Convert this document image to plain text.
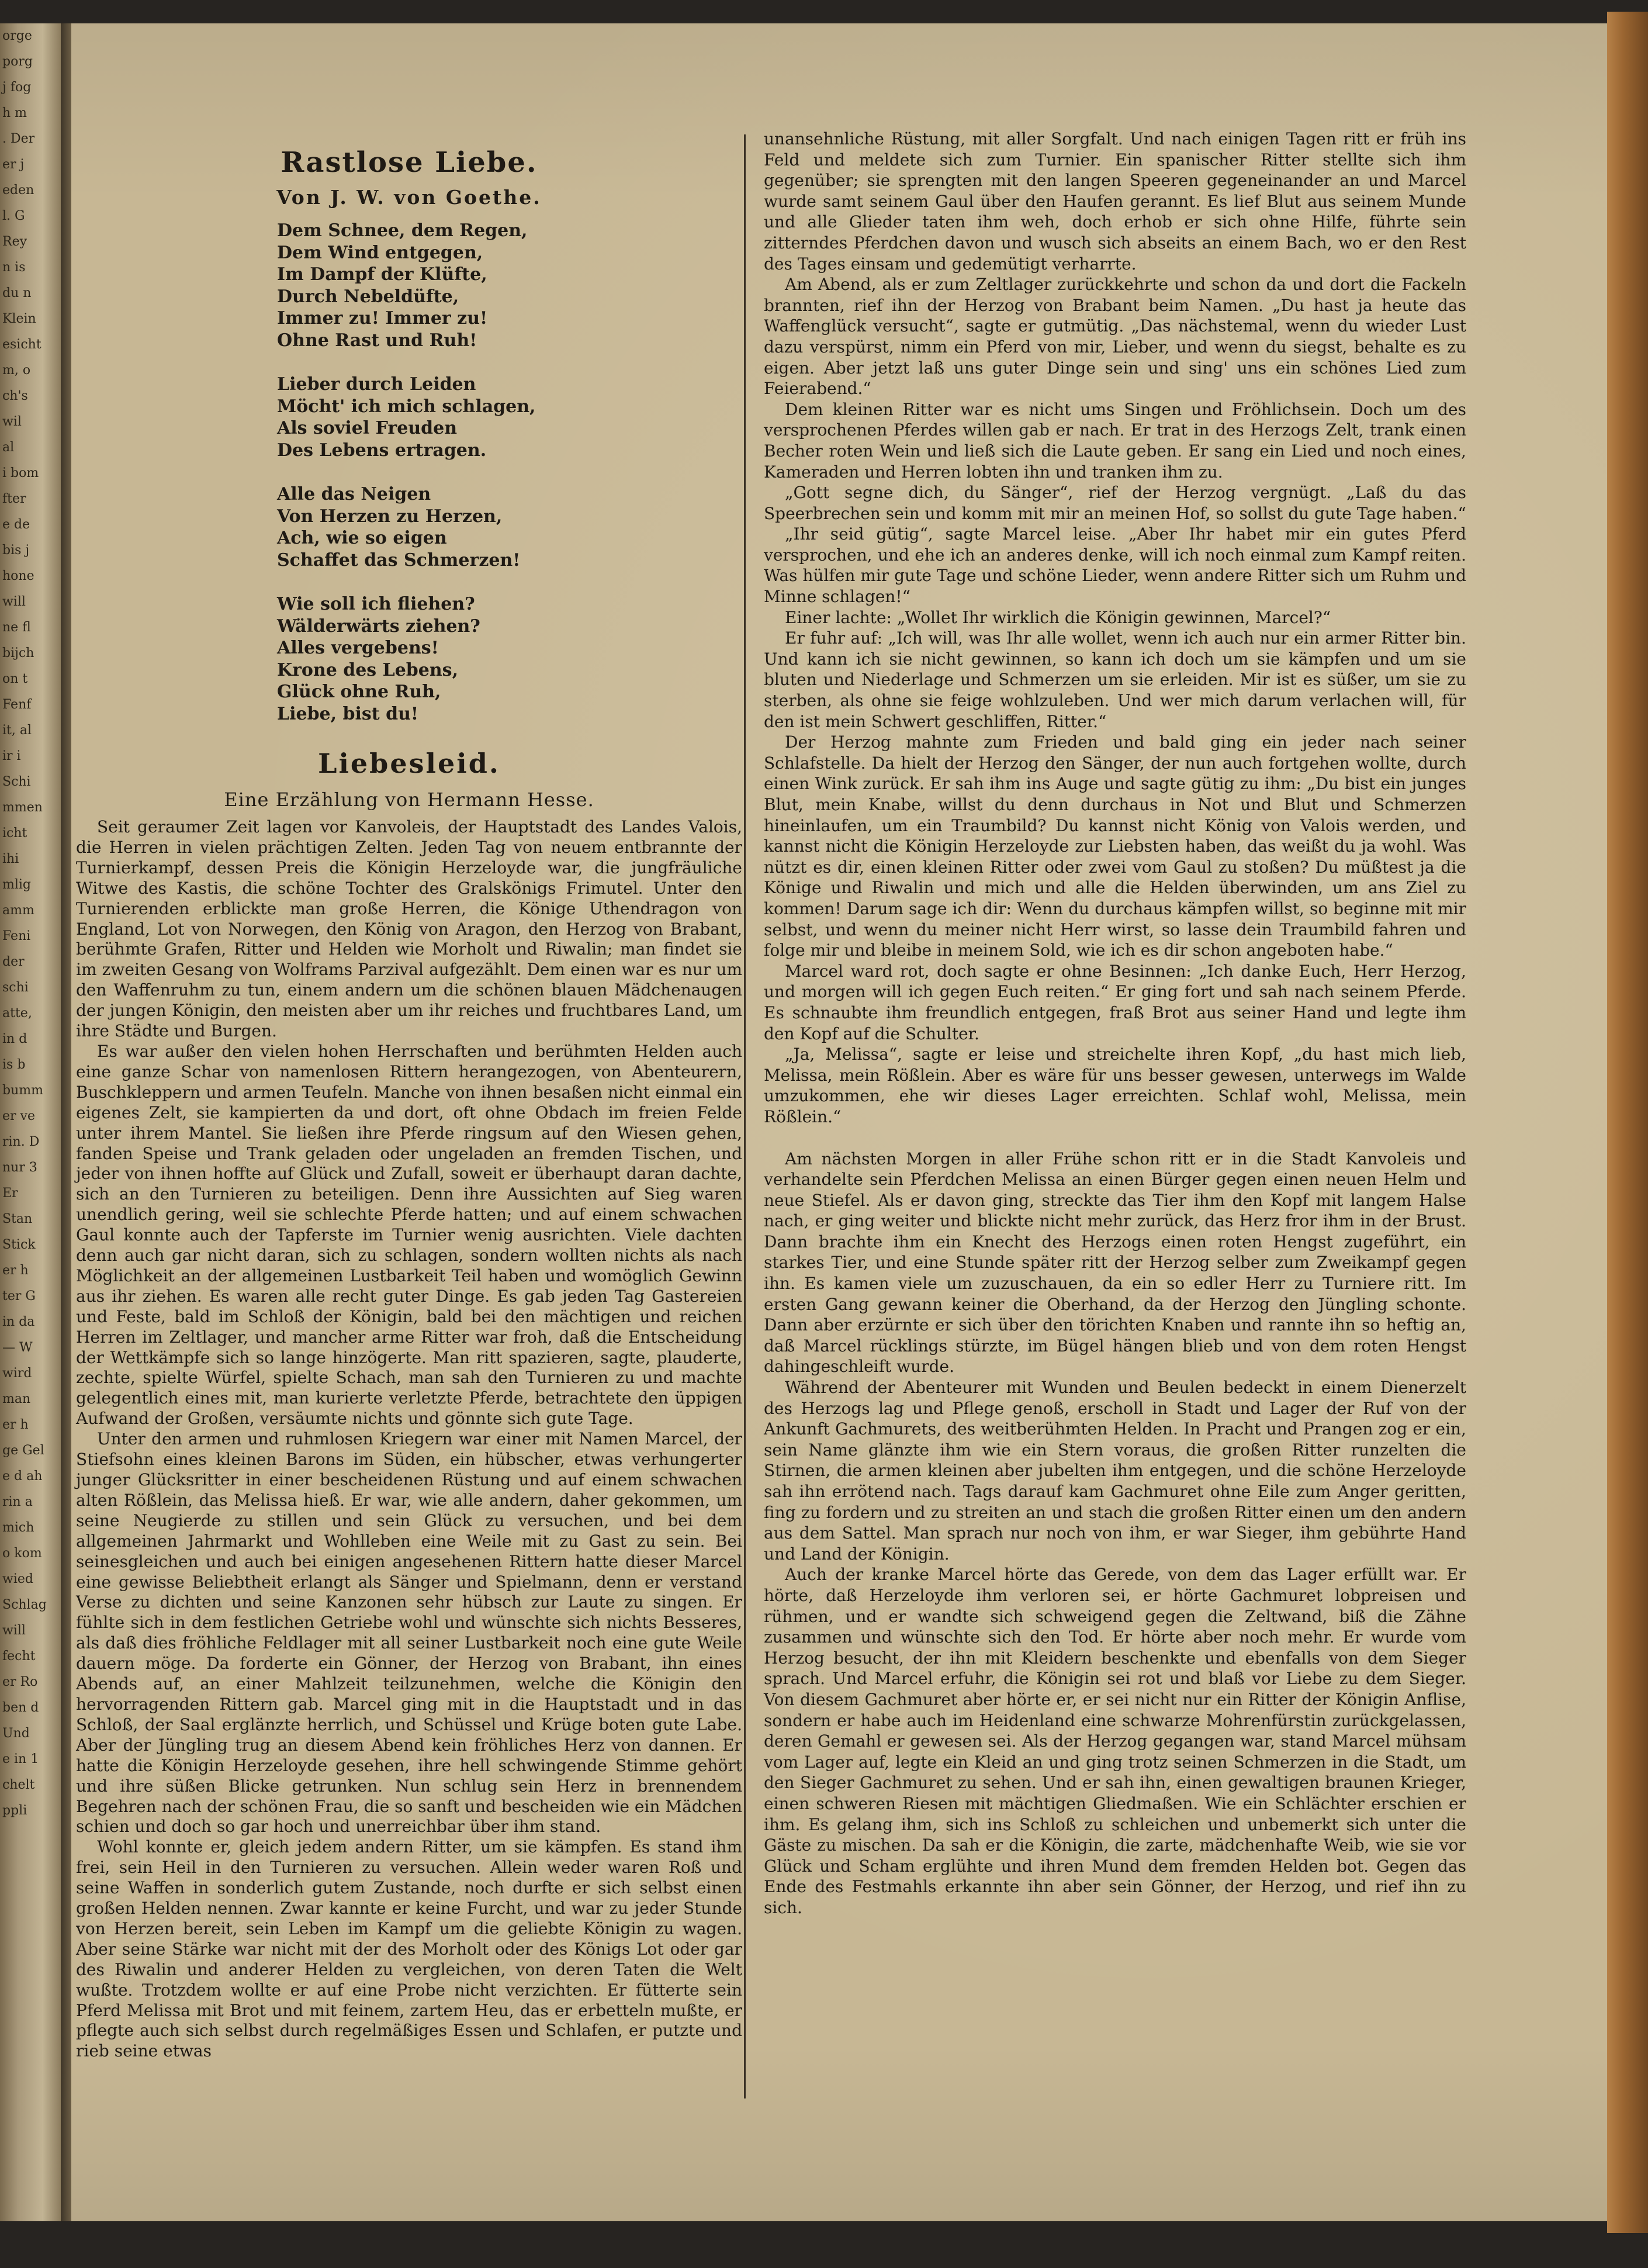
orge
porg
j fog
h m
. Der
er j
eden
l. G
Rey
n is
du n
Klein
esicht
m, o
ch's
wil
al
i bom
fter
e de
bis j
hone
will
ne fl
bijch
on t
Fenf
it, al
ir i
Schi
mmen
icht
ihi
mlig
amm
Feni
der
schi
atte,
in d
is b
bumm
er ve
rin. D
nur 3
Er
Stan
Stick
er h
ter G
in da
— W
wird
man
er h
ge Gel
e d ah
rin a
mich
o kom
wied
Schlag
will
fecht
er Ro
ben d
Und
e in 1
chelt
ppli
Rastlose Liebe.
Von J. W. von Goethe.
Dem Schnee, dem Regen,
Dem Wind entgegen,
Im Dampf der Klüfte,
Durch Nebeldüfte,
Immer zu! Immer zu!
Ohne Rast und Ruh!
Lieber durch Leiden
Möcht' ich mich schlagen,
Als soviel Freuden
Des Lebens ertragen.
Alle das Neigen
Von Herzen zu Herzen,
Ach, wie so eigen
Schaffet das Schmerzen!
Wie soll ich fliehen?
Wälderwärts ziehen?
Alles vergebens!
Krone des Lebens,
Glück ohne Ruh,
Liebe, bist du!
Liebesleid.
Eine Erzählung von Hermann Hesse.

Seit geraumer Zeit lagen vor Kanvoleis, der Hauptstadt des Landes Valois, die Herren in vielen prächtigen Zelten. Jeden Tag von neuem entbrannte der Turnierkampf, dessen Preis die Königin Herzeloyde war, die jungfräuliche Witwe des Kastis, die schöne Tochter des Gralskönigs Frimutel. Unter den Turnierenden erblickte man große Herren, die Könige Uthendragon von England, Lot von Norwegen, den König von Aragon, den Herzog von Brabant, berühmte Grafen, Ritter und Helden wie Morholt und Riwalin; man findet sie im zweiten Gesang von Wolframs Parzival aufgezählt. Dem einen war es nur um den Waffenruhm zu tun, einem andern um die schönen blauen Mädchenaugen der jungen Königin, den meisten aber um ihr reiches und fruchtbares Land, um ihre Städte und Burgen.

Es war außer den vielen hohen Herrschaften und berühmten Helden auch eine ganze Schar von namenlosen Rittern herangezogen, von Abenteurern, Buschkleppern und armen Teufeln. Manche von ihnen besaßen nicht einmal ein eigenes Zelt, sie kampierten da und dort, oft ohne Obdach im freien Felde unter ihrem Mantel. Sie ließen ihre Pferde ringsum auf den Wiesen gehen, fanden Speise und Trank geladen oder ungeladen an fremden Tischen, und jeder von ihnen hoffte auf Glück und Zufall, soweit er überhaupt daran dachte, sich an den Turnieren zu beteiligen. Denn ihre Aussichten auf Sieg waren unendlich gering, weil sie schlechte Pferde hatten; und auf einem schwachen Gaul konnte auch der Tapferste im Turnier wenig ausrichten. Viele dachten denn auch gar nicht daran, sich zu schlagen, sondern wollten nichts als nach Möglichkeit an der allgemeinen Lustbarkeit Teil haben und womöglich Gewinn aus ihr ziehen. Es waren alle recht guter Dinge. Es gab jeden Tag Gastereien und Feste, bald im Schloß der Königin, bald bei den mächtigen und reichen Herren im Zeltlager, und mancher arme Ritter war froh, daß die Entscheidung der Wettkämpfe sich so lange hinzögerte. Man ritt spazieren, sagte, plauderte, zechte, spielte Würfel, spielte Schach, man sah den Turnieren zu und machte gelegentlich eines mit, man kurierte verletzte Pferde, betrachtete den üppigen Aufwand der Großen, versäumte nichts und gönnte sich gute Tage.

Unter den armen und ruhmlosen Kriegern war einer mit Namen Marcel, der Stiefsohn eines kleinen Barons im Süden, ein hübscher, etwas verhungerter junger Glücksritter in einer bescheidenen Rüstung und auf einem schwachen alten Rößlein, das Melissa hieß. Er war, wie alle andern, daher gekommen, um seine Neugierde zu stillen und sein Glück zu versuchen, und bei dem allgemeinen Jahrmarkt und Wohlleben eine Weile mit zu Gast zu sein. Bei seinesgleichen und auch bei einigen angesehenen Rittern hatte dieser Marcel eine gewisse Beliebtheit erlangt als Sänger und Spielmann, denn er verstand Verse zu dichten und seine Kanzonen sehr hübsch zur Laute zu singen. Er fühlte sich in dem festlichen Getriebe wohl und wünschte sich nichts Besseres, als daß dies fröhliche Feldlager mit all seiner Lustbarkeit noch eine gute Weile dauern möge. Da forderte ein Gönner, der Herzog von Brabant, ihn eines Abends auf, an einer Mahlzeit teilzunehmen, welche die Königin den hervorragenden Rittern gab. Marcel ging mit in die Hauptstadt und in das Schloß, der Saal erglänzte herrlich, und Schüssel und Krüge boten gute Labe. Aber der Jüngling trug an diesem Abend kein fröhliches Herz von dannen. Er hatte die Königin Herzeloyde gesehen, ihre hell schwingende Stimme gehört und ihre süßen Blicke getrunken. Nun schlug sein Herz in brennendem Begehren nach der schönen Frau, die so sanft und bescheiden wie ein Mädchen schien und doch so gar hoch und unerreichbar über ihm stand.

Wohl konnte er, gleich jedem andern Ritter, um sie kämpfen. Es stand ihm frei, sein Heil in den Turnieren zu versuchen. Allein weder waren Roß und seine Waffen in sonderlich gutem Zustande, noch durfte er sich selbst einen großen Helden nennen. Zwar kannte er keine Furcht, und war zu jeder Stunde von Herzen bereit, sein Leben im Kampf um die geliebte Königin zu wagen. Aber seine Stärke war nicht mit der des Morholt oder des Königs Lot oder gar des Riwalin und anderer Helden zu vergleichen, von deren Taten die Welt wußte. Trotzdem wollte er auf eine Probe nicht verzichten. Er fütterte sein Pferd Melissa mit Brot und mit feinem, zartem Heu, das er erbetteln mußte, er pflegte auch sich selbst durch regelmäßiges Essen und Schlafen, er putzte und rieb seine etwas

unansehnliche Rüstung, mit aller Sorgfalt. Und nach einigen Tagen ritt er früh ins Feld und meldete sich zum Turnier. Ein spanischer Ritter stellte sich ihm gegenüber; sie sprengten mit den langen Speeren gegeneinander an und Marcel wurde samt seinem Gaul über den Haufen gerannt. Es lief Blut aus seinem Munde und alle Glieder taten ihm weh, doch erhob er sich ohne Hilfe, führte sein zitterndes Pferdchen davon und wusch sich abseits an einem Bach, wo er den Rest des Tages einsam und gedemütigt verharrte.

Am Abend, als er zum Zeltlager zurückkehrte und schon da und dort die Fackeln brannten, rief ihn der Herzog von Brabant beim Namen. „Du hast ja heute das Waffenglück versucht“, sagte er gutmütig. „Das nächstemal, wenn du wieder Lust dazu verspürst, nimm ein Pferd von mir, Lieber, und wenn du siegst, behalte es zu eigen. Aber jetzt laß uns guter Dinge sein und sing' uns ein schönes Lied zum Feierabend.“

Dem kleinen Ritter war es nicht ums Singen und Fröhlichsein. Doch um des versprochenen Pferdes willen gab er nach. Er trat in des Herzogs Zelt, trank einen Becher roten Wein und ließ sich die Laute geben. Er sang ein Lied und noch eines, Kameraden und Herren lobten ihn und tranken ihm zu.

„Gott segne dich, du Sänger“, rief der Herzog vergnügt. „Laß du das Speerbrechen sein und komm mit mir an meinen Hof, so sollst du gute Tage haben.“

„Ihr seid gütig“, sagte Marcel leise. „Aber Ihr habet mir ein gutes Pferd versprochen, und ehe ich an anderes denke, will ich noch einmal zum Kampf reiten. Was hülfen mir gute Tage und schöne Lieder, wenn andere Ritter sich um Ruhm und Minne schlagen!“

Einer lachte: „Wollet Ihr wirklich die Königin gewinnen, Marcel?“

Er fuhr auf: „Ich will, was Ihr alle wollet, wenn ich auch nur ein armer Ritter bin. Und kann ich sie nicht gewinnen, so kann ich doch um sie kämpfen und um sie bluten und Niederlage und Schmerzen um sie erleiden. Mir ist es süßer, um sie zu sterben, als ohne sie feige wohlzuleben. Und wer mich darum verlachen will, für den ist mein Schwert geschliffen, Ritter.“

Der Herzog mahnte zum Frieden und bald ging ein jeder nach seiner Schlafstelle. Da hielt der Herzog den Sänger, der nun auch fortgehen wollte, durch einen Wink zurück. Er sah ihm ins Auge und sagte gütig zu ihm: „Du bist ein junges Blut, mein Knabe, willst du denn durchaus in Not und Blut und Schmerzen hineinlaufen, um ein Traumbild? Du kannst nicht König von Valois werden, und kannst nicht die Königin Herzeloyde zur Liebsten haben, das weißt du ja wohl. Was nützt es dir, einen kleinen Ritter oder zwei vom Gaul zu stoßen? Du müßtest ja die Könige und Riwalin und mich und alle die Helden überwinden, um ans Ziel zu kommen! Darum sage ich dir: Wenn du durchaus kämpfen willst, so beginne mit mir selbst, und wenn du meiner nicht Herr wirst, so lasse dein Traumbild fahren und folge mir und bleibe in meinem Sold, wie ich es dir schon angeboten habe.“

Marcel ward rot, doch sagte er ohne Besinnen: „Ich danke Euch, Herr Herzog, und morgen will ich gegen Euch reiten.“ Er ging fort und sah nach seinem Pferde. Es schnaubte ihm freundlich entgegen, fraß Brot aus seiner Hand und legte ihm den Kopf auf die Schulter.

„Ja, Melissa“, sagte er leise und streichelte ihren Kopf, „du hast mich lieb, Melissa, mein Rößlein. Aber es wäre für uns besser gewesen, unterwegs im Walde umzukommen, ehe wir dieses Lager erreichten. Schlaf wohl, Melissa, mein Rößlein.“

Am nächsten Morgen in aller Frühe schon ritt er in die Stadt Kanvoleis und verhandelte sein Pferdchen Melissa an einen Bürger gegen einen neuen Helm und neue Stiefel. Als er davon ging, streckte das Tier ihm den Kopf mit langem Halse nach, er ging weiter und blickte nicht mehr zurück, das Herz fror ihm in der Brust. Dann brachte ihm ein Knecht des Herzogs einen roten Hengst zugeführt, ein starkes Tier, und eine Stunde später ritt der Herzog selber zum Zweikampf gegen ihn. Es kamen viele um zuzuschauen, da ein so edler Herr zu Turniere ritt. Im ersten Gang gewann keiner die Oberhand, da der Herzog den Jüngling schonte. Dann aber erzürnte er sich über den törichten Knaben und rannte ihn so heftig an, daß Marcel rücklings stürzte, im Bügel hängen blieb und von dem roten Hengst dahingeschleift wurde.

Während der Abenteurer mit Wunden und Beulen bedeckt in einem Dienerzelt des Herzogs lag und Pflege genoß, erscholl in Stadt und Lager der Ruf von der Ankunft Gachmurets, des weitberühmten Helden. In Pracht und Prangen zog er ein, sein Name glänzte ihm wie ein Stern voraus, die großen Ritter runzelten die Stirnen, die armen kleinen aber jubelten ihm entgegen, und die schöne Herzeloyde sah ihn errötend nach. Tags darauf kam Gachmuret ohne Eile zum Anger geritten, fing zu fordern und zu streiten an und stach die großen Ritter einen um den andern aus dem Sattel. Man sprach nur noch von ihm, er war Sieger, ihm gebührte Hand und Land der Königin.

Auch der kranke Marcel hörte das Gerede, von dem das Lager erfüllt war. Er hörte, daß Herzeloyde ihm verloren sei, er hörte Gachmuret lobpreisen und rühmen, und er wandte sich schweigend gegen die Zeltwand, biß die Zähne zusammen und wünschte sich den Tod. Er hörte aber noch mehr. Er wurde vom Herzog besucht, der ihn mit Kleidern beschenkte und ebenfalls von dem Sieger sprach. Und Marcel erfuhr, die Königin sei rot und blaß vor Liebe zu dem Sieger. Von diesem Gachmuret aber hörte er, er sei nicht nur ein Ritter der Königin Anflise, sondern er habe auch im Heidenland eine schwarze Mohrenfürstin zurückgelassen, deren Gemahl er gewesen sei. Als der Herzog gegangen war, stand Marcel mühsam vom Lager auf, legte ein Kleid an und ging trotz seinen Schmerzen in die Stadt, um den Sieger Gachmuret zu sehen. Und er sah ihn, einen gewaltigen braunen Krieger, einen schweren Riesen mit mächtigen Gliedmaßen. Wie ein Schlächter erschien er ihm. Es gelang ihm, sich ins Schloß zu schleichen und unbemerkt sich unter die Gäste zu mischen. Da sah er die Königin, die zarte, mädchenhafte Weib, wie sie vor Glück und Scham erglühte und ihren Mund dem fremden Helden bot. Gegen das Ende des Festmahls erkannte ihn aber sein Gönner, der Herzog, und rief ihn zu sich.
